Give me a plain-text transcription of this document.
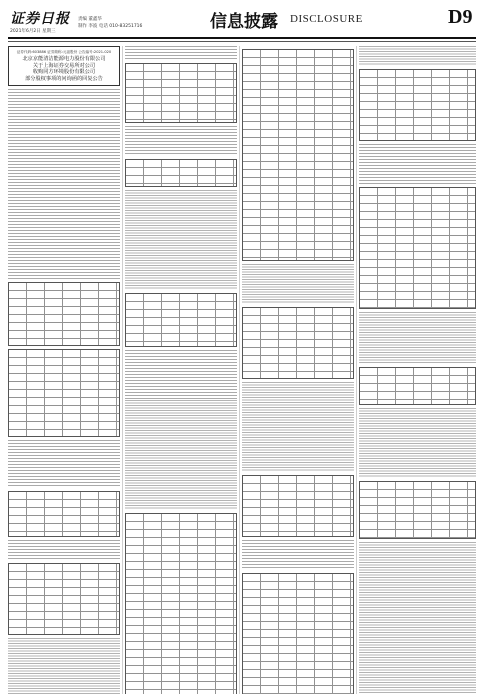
证券日报 责编 董鑫华
制作 李波 电话 010-83251716
2021年6月2日 星期三	信息披露 DISCLOSURE	D9
证券代码:603886 证券简称:元祖股份 公告编号:2021-020
北京京能清洁能源电力股份有限公司
关于上海证券交易所对公司
收购同方环境股份有限公司
部分股权事项的问询函的回复公告
